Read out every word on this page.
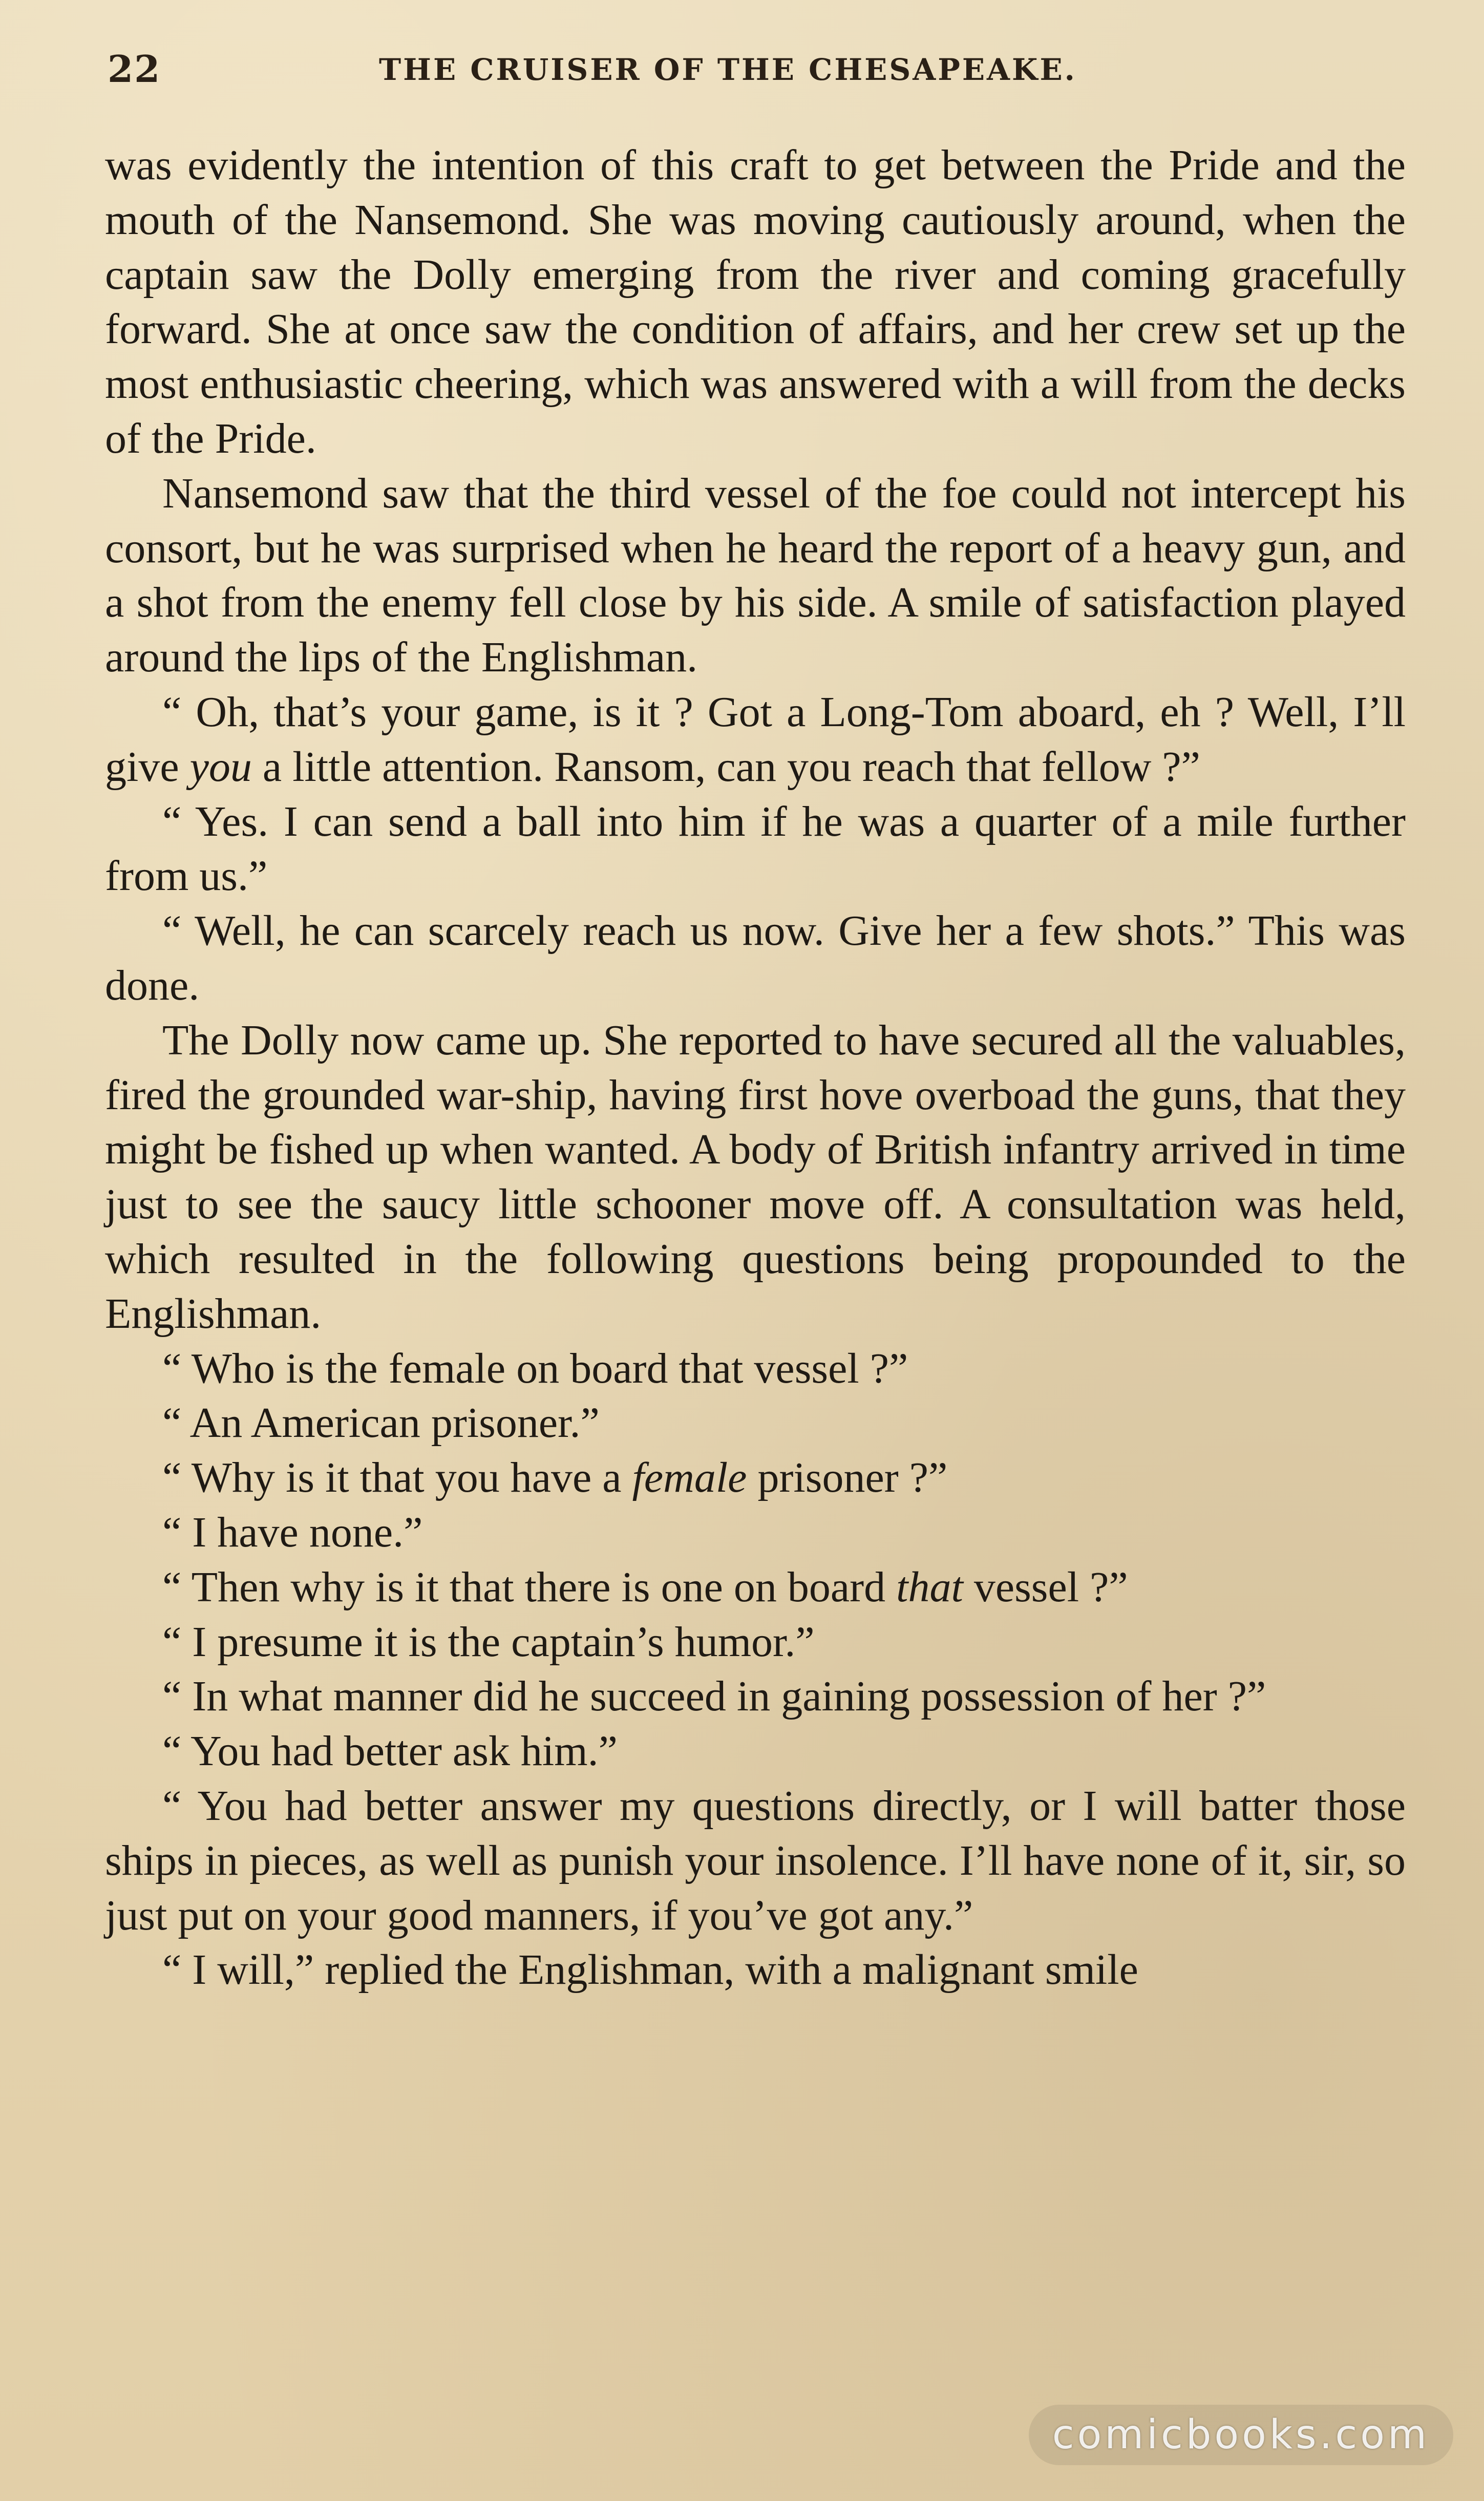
22	THE CRUISER OF THE CHESAPEAKE.

was evidently the intention of this craft to get between the Pride and the mouth of the Nansemond. She was moving cautiously around, when the captain saw the Dolly emerging from the river and coming gracefully forward. She at once saw the condition of affairs, and her crew set up the most enthusiastic cheering, which was answered with a will from the decks of the Pride.

Nansemond saw that the third vessel of the foe could not intercept his consort, but he was surprised when he heard the report of a heavy gun, and a shot from the enemy fell close by his side. A smile of satisfaction played around the lips of the Englishman.

“ Oh, that’s your game, is it ? Got a Long-Tom aboard, eh ? Well, I’ll give you a little attention. Ransom, can you reach that fellow ?”

“ Yes. I can send a ball into him if he was a quarter of a mile further from us.”

“ Well, he can scarcely reach us now. Give her a few shots.” This was done.

The Dolly now came up. She reported to have secured all the valuables, fired the grounded war-ship, having first hove overboad the guns, that they might be fished up when wanted. A body of British infantry arrived in time just to see the saucy little schooner move off. A consultation was held, which resulted in the following questions being propounded to the Englishman.

“ Who is the female on board that vessel ?”

“ An American prisoner.”

“ Why is it that you have a female prisoner ?”

“ I have none.”

“ Then why is it that there is one on board that vessel ?”

“ I presume it is the captain’s humor.”

“ In what manner did he succeed in gaining possession of her ?”

“ You had better ask him.”

“ You had better answer my questions directly, or I will batter those ships in pieces, as well as punish your insolence. I’ll have none of it, sir, so just put on your good manners, if you’ve got any.”

“ I will,” replied the Englishman, with a malignant smile

comicbooks.com
